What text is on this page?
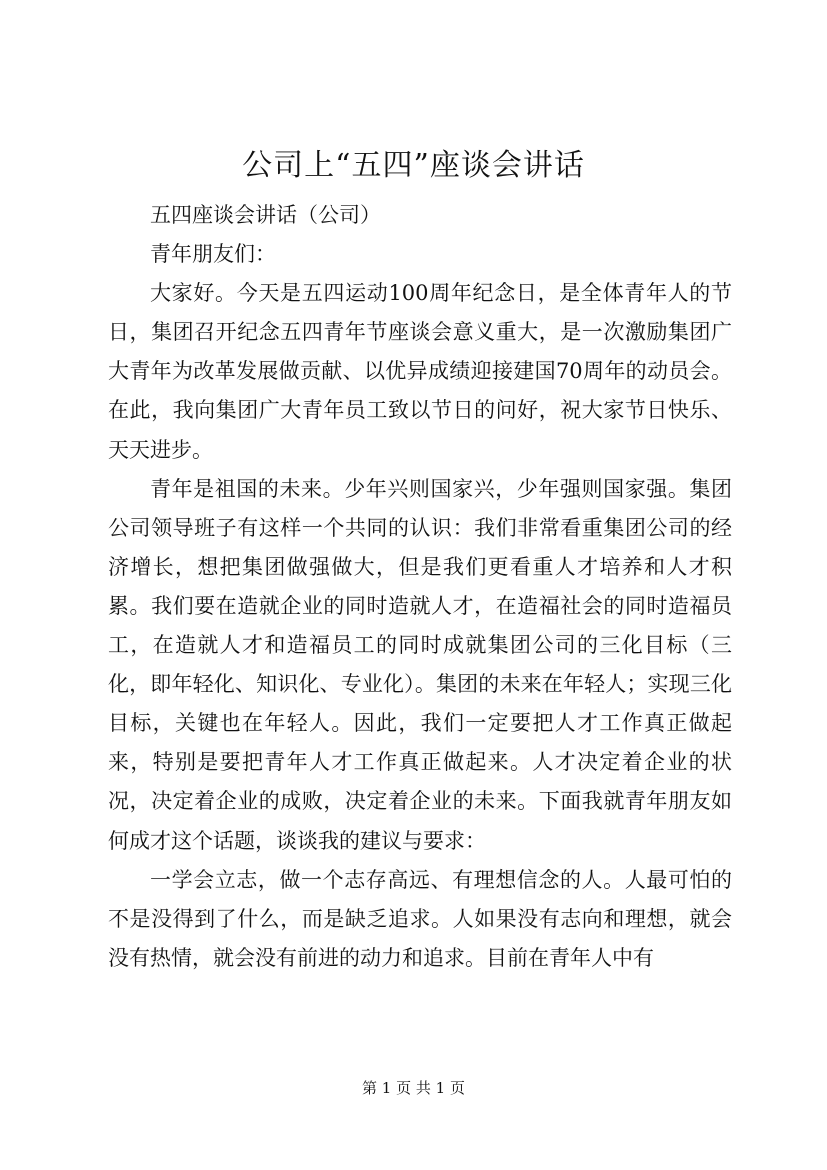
公司上“五四”座谈会讲话

五四座谈会讲话（公司）

青年朋友们：

大家好。今天是五四运动100周年纪念日，是全体青年人的节日，集团召开纪念五四青年节座谈会意义重大，是一次激励集团广大青年为改革发展做贡献、以优异成绩迎接建国70周年的动员会。在此，我向集团广大青年员工致以节日的问好，祝大家节日快乐、天天进步。

青年是祖国的未来。少年兴则国家兴，少年强则国家强。集团公司领导班子有这样一个共同的认识：我们非常看重集团公司的经济增长，想把集团做强做大，但是我们更看重人才培养和人才积累。我们要在造就企业的同时造就人才，在造福社会的同时造福员工，在造就人才和造福员工的同时成就集团公司的三化目标（三化，即年轻化、知识化、专业化）。集团的未来在年轻人；实现三化目标，关键也在年轻人。因此，我们一定要把人才工作真正做起来，特别是要把青年人才工作真正做起来。人才决定着企业的状况，决定着企业的成败，决定着企业的未来。下面我就青年朋友如何成才这个话题，谈谈我的建议与要求：

一学会立志，做一个志存高远、有理想信念的人。人最可怕的不是没得到了什么，而是缺乏追求。人如果没有志向和理想，就会没有热情，就会没有前进的动力和追求。目前在青年人中有

第 1 页 共 1 页
